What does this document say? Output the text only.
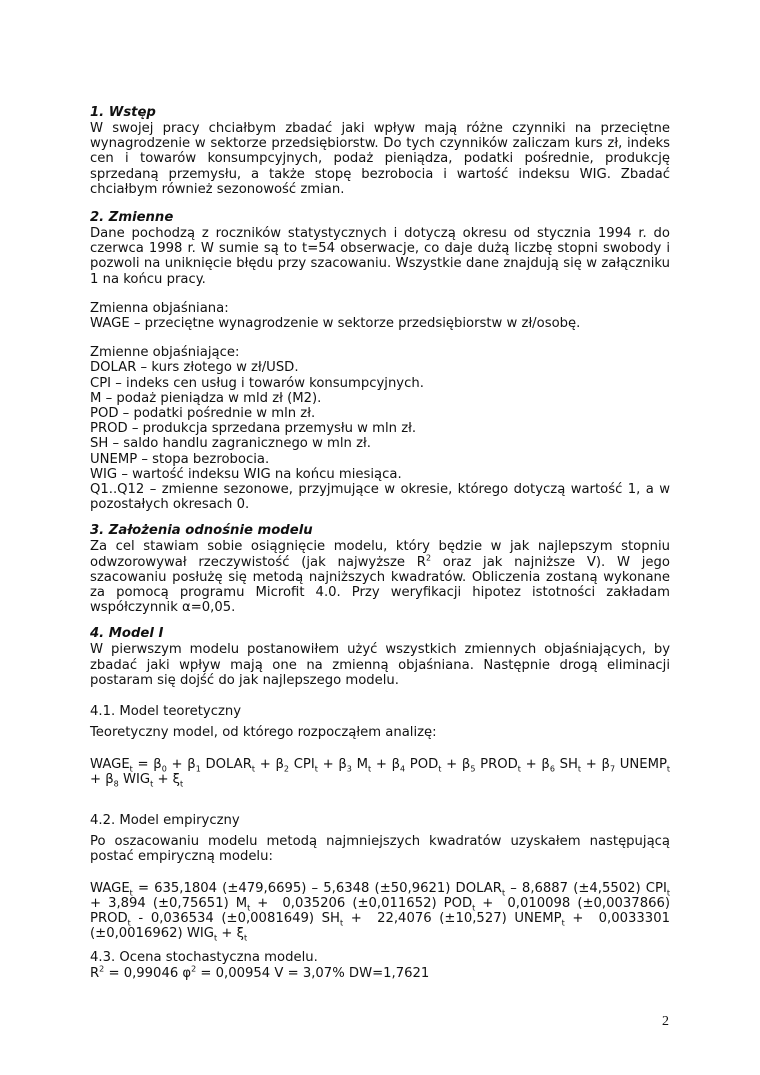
1. Wstęp

W swojej pracy chciałbym zbadać jaki wpływ mają różne czynniki na przeciętne wynagrodzenie w sektorze przedsiębiorstw. Do tych czynników zaliczam kurs zł, indeks cen i towarów konsumpcyjnych, podaż pieniądza, podatki pośrednie, produkcję sprzedaną przemysłu, a także stopę bezrobocia i wartość indeksu WIG. Zbadać chciałbym również sezonowość zmian.

2. Zmienne

Dane pochodzą z roczników statystycznych i dotyczą okresu od stycznia 1994 r. do czerwca 1998 r. W sumie są to t=54 obserwacje, co daje dużą liczbę stopni swobody i pozwoli na uniknięcie błędu przy szacowaniu. Wszystkie dane znajdują się w załączniku 1 na końcu pracy.

Zmienna objaśniana:

WAGE – przeciętne wynagrodzenie w sektorze przedsiębiorstw w zł/osobę.

Zmienne objaśniające:

DOLAR – kurs złotego w zł/USD.

CPI – indeks cen usług i towarów konsumpcyjnych.

M – podaż pieniądza w mld zł (M2).

POD – podatki pośrednie w mln zł.

PROD – produkcja sprzedana przemysłu w mln zł.

SH – saldo handlu zagranicznego w mln zł.

UNEMP – stopa bezrobocia.

WIG – wartość indeksu WIG na końcu miesiąca.

Q1..Q12 – zmienne sezonowe, przyjmujące w okresie, którego dotyczą wartość 1, a w pozostałych okresach 0.

3. Założenia odnośnie modelu

Za cel stawiam sobie osiągnięcie modelu, który będzie w jak najlepszym stopniu odwzorowywał rzeczywistość (jak najwyższe $R^2$ oraz jak najniższe V). W jego szacowaniu posłużę się metodą najniższych kwadratów. Obliczenia zostaną wykonane za pomocą programu Microfit 4.0. Przy weryfikacji hipotez istotności zakładam współczynnik α=0,05.

4. Model I

W pierwszym modelu postanowiłem użyć wszystkich zmiennych objaśniających, by zbadać jaki wpływ mają one na zmienną objaśniana. Następnie drogą eliminacji postaram się dojść do jak najlepszego modelu.

4.1. Model teoretyczny

Teoretyczny model, od którego rozpocząłem analizę:

$WAGE_t = \beta_0 + \beta_1$ $DOLAR_t + \beta_2$ $CPI_t + \beta_3$ $M_t + \beta_4$ $POD_t + \beta_5$ $PROD_t + \beta_6$ $SH_t + \beta_7$ $UNEMP_t + \beta_8$ $WIG_t + \xi_t$

4.2. Model empiryczny

Po oszacowaniu modelu metodą najmniejszych kwadratów uzyskałem następującą postać empiryczną modelu:

$WAGE_t = 635,1804$ (±479,6695) – 5,6348 (±50,9621) $DOLAR_t - 8,6887$ (±4,5502) $CPI_t + 3,894$ (±0,75651) $M_t + 0,035206$ (±0,011652) $POD_t + 0,010098$ (±0,0037866) $PROD_t - 0,036534$ (±0,0081649) $SH_t + 22,4076$ (±10,527) $UNEMP_t + 0,0033301$ (±0,0016962) $WIG_t + \xi_t$

4.3. Ocena stochastyczna modelu.

$R^2 = 0,99046$ $\varphi^2 = 0,00954$ V = 3,07% DW=1,7621

2
